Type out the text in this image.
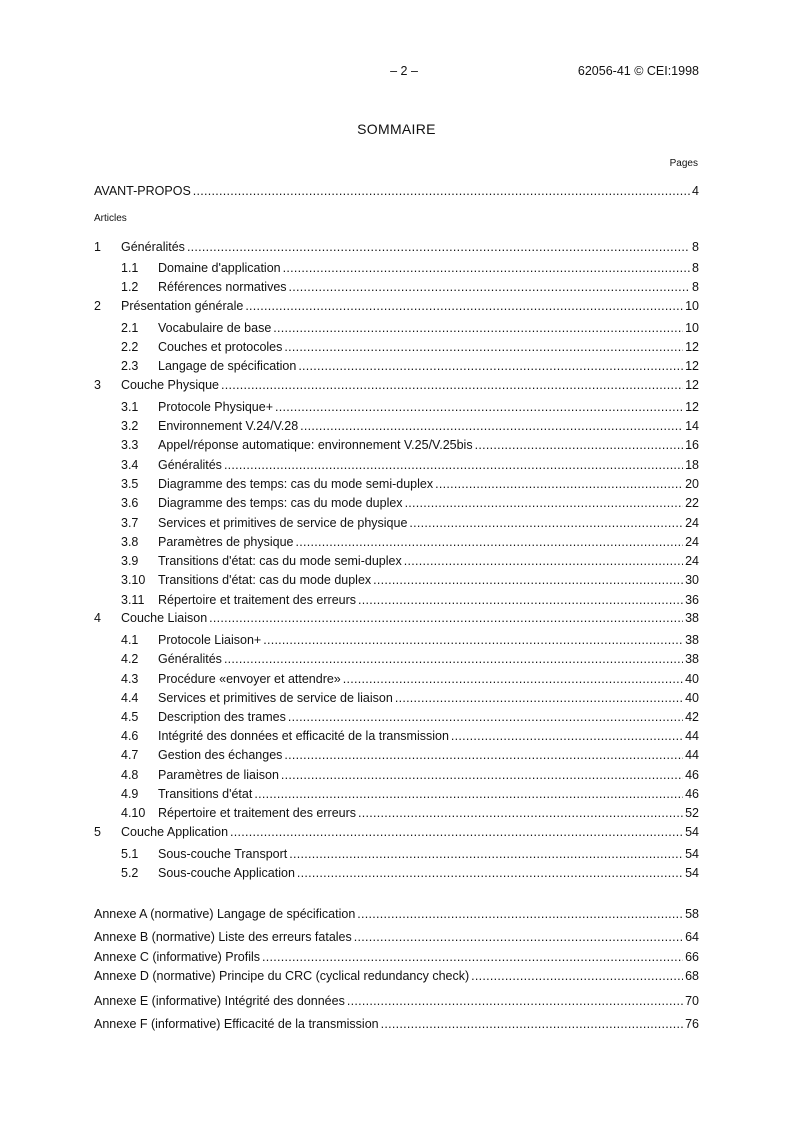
– 2 –	62056-41 © CEI:1998
SOMMAIRE
Pages
AVANT-PROPOS . . .	4
Articles
1	Généralités . . .	8
1.1	Domaine d'application . . .	8
1.2	Références normatives . . .	8
2	Présentation générale . . .	10
2.1	Vocabulaire de base . . .	10
2.2	Couches et protocoles . . .	12
2.3	Langage de spécification . . .	12
3	Couche Physique . . .	12
3.1	Protocole Physique+ . . .	12
3.2	Environnement V.24/V.28 . . .	14
3.3	Appel/réponse automatique: environnement V.25/V.25bis . . .	16
3.4	Généralités . . .	18
3.5	Diagramme des temps: cas du mode semi-duplex . . .	20
3.6	Diagramme des temps: cas du mode duplex . . .	22
3.7	Services et primitives de service de physique . . .	24
3.8	Paramètres de physique . . .	24
3.9	Transitions d'état: cas du mode semi-duplex . . .	24
3.10	Transitions d'état: cas du mode duplex . . .	30
3.11	Répertoire et traitement des erreurs . . .	36
4	Couche Liaison . . .	38
4.1	Protocole Liaison+ . . .	38
4.2	Généralités . . .	38
4.3	Procédure «envoyer et attendre» . . .	40
4.4	Services et primitives de service de liaison . . .	40
4.5	Description des trames . . .	42
4.6	Intégrité des données et efficacité de la transmission . . .	44
4.7	Gestion des échanges . . .	44
4.8	Paramètres de liaison . . .	46
4.9	Transitions d'état . . .	46
4.10	Répertoire et traitement des erreurs . . .	52
5	Couche Application . . .	54
5.1	Sous-couche Transport . . .	54
5.2	Sous-couche Application . . .	54
Annexe A (normative) Langage de spécification . . .	58
Annexe B (normative) Liste des erreurs fatales . . .	64
Annexe C (informative) Profils . . .	66
Annexe D (normative) Principe du CRC (cyclical redundancy check) . . .	68
Annexe E (informative) Intégrité des données . . .	70
Annexe F (informative) Efficacité de la transmission . . .	76
